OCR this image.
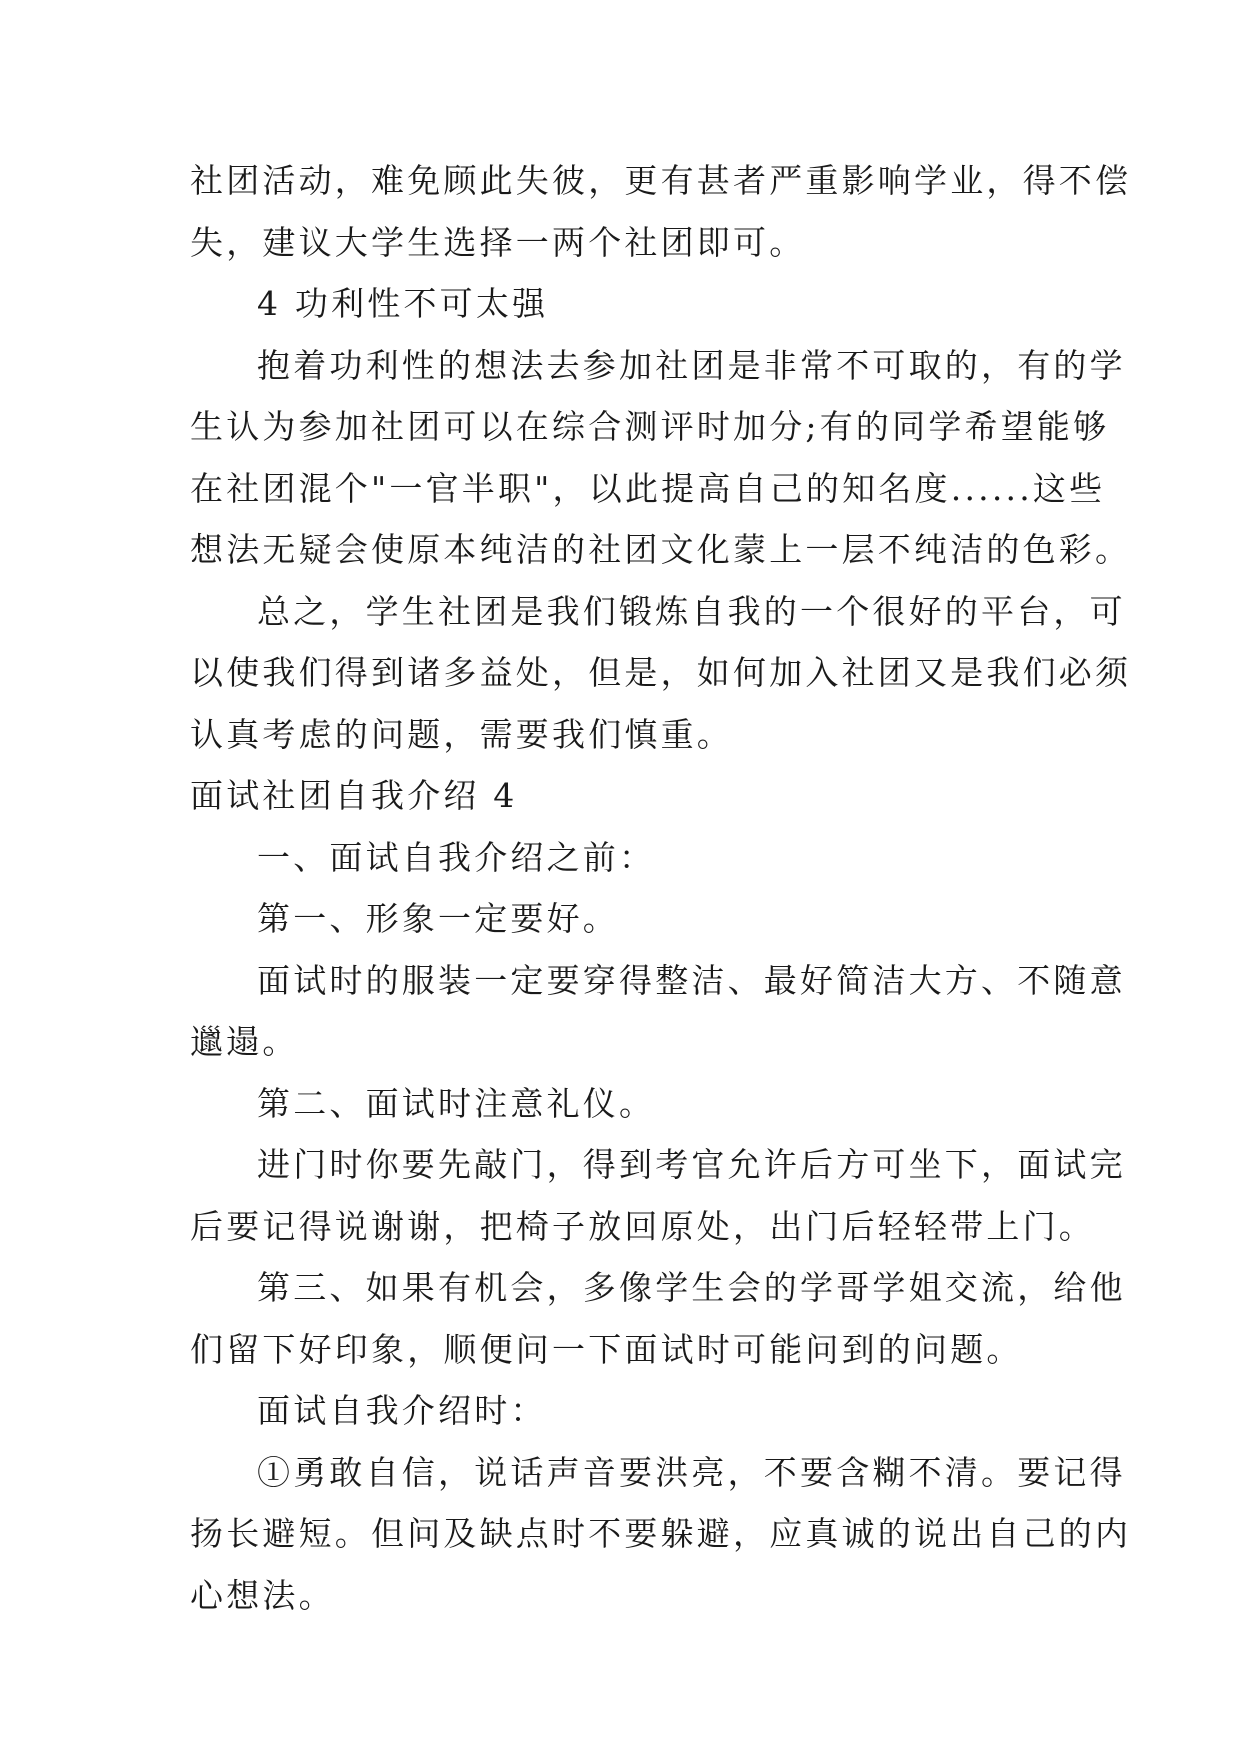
社团活动，难免顾此失彼，更有甚者严重影响学业，得不偿
失，建议大学生选择一两个社团即可。
4 功利性不可太强
抱着功利性的想法去参加社团是非常不可取的，有的学
生认为参加社团可以在综合测评时加分;有的同学希望能够
在社团混个"一官半职"，以此提高自己的知名度......这些
想法无疑会使原本纯洁的社团文化蒙上一层不纯洁的色彩。
总之，学生社团是我们锻炼自我的一个很好的平台，可
以使我们得到诸多益处，但是，如何加入社团又是我们必须
认真考虑的问题，需要我们慎重。
面试社团自我介绍 4
一、面试自我介绍之前：
第一、形象一定要好。
面试时的服装一定要穿得整洁、最好简洁大方、不随意
邋遢。
第二、面试时注意礼仪。
进门时你要先敲门，得到考官允许后方可坐下，面试完
后要记得说谢谢，把椅子放回原处，出门后轻轻带上门。
第三、如果有机会，多像学生会的学哥学姐交流，给他
们留下好印象，顺便问一下面试时可能问到的问题。
面试自我介绍时：
①勇敢自信，说话声音要洪亮，不要含糊不清。要记得
扬长避短。但问及缺点时不要躲避，应真诚的说出自己的内
心想法。
